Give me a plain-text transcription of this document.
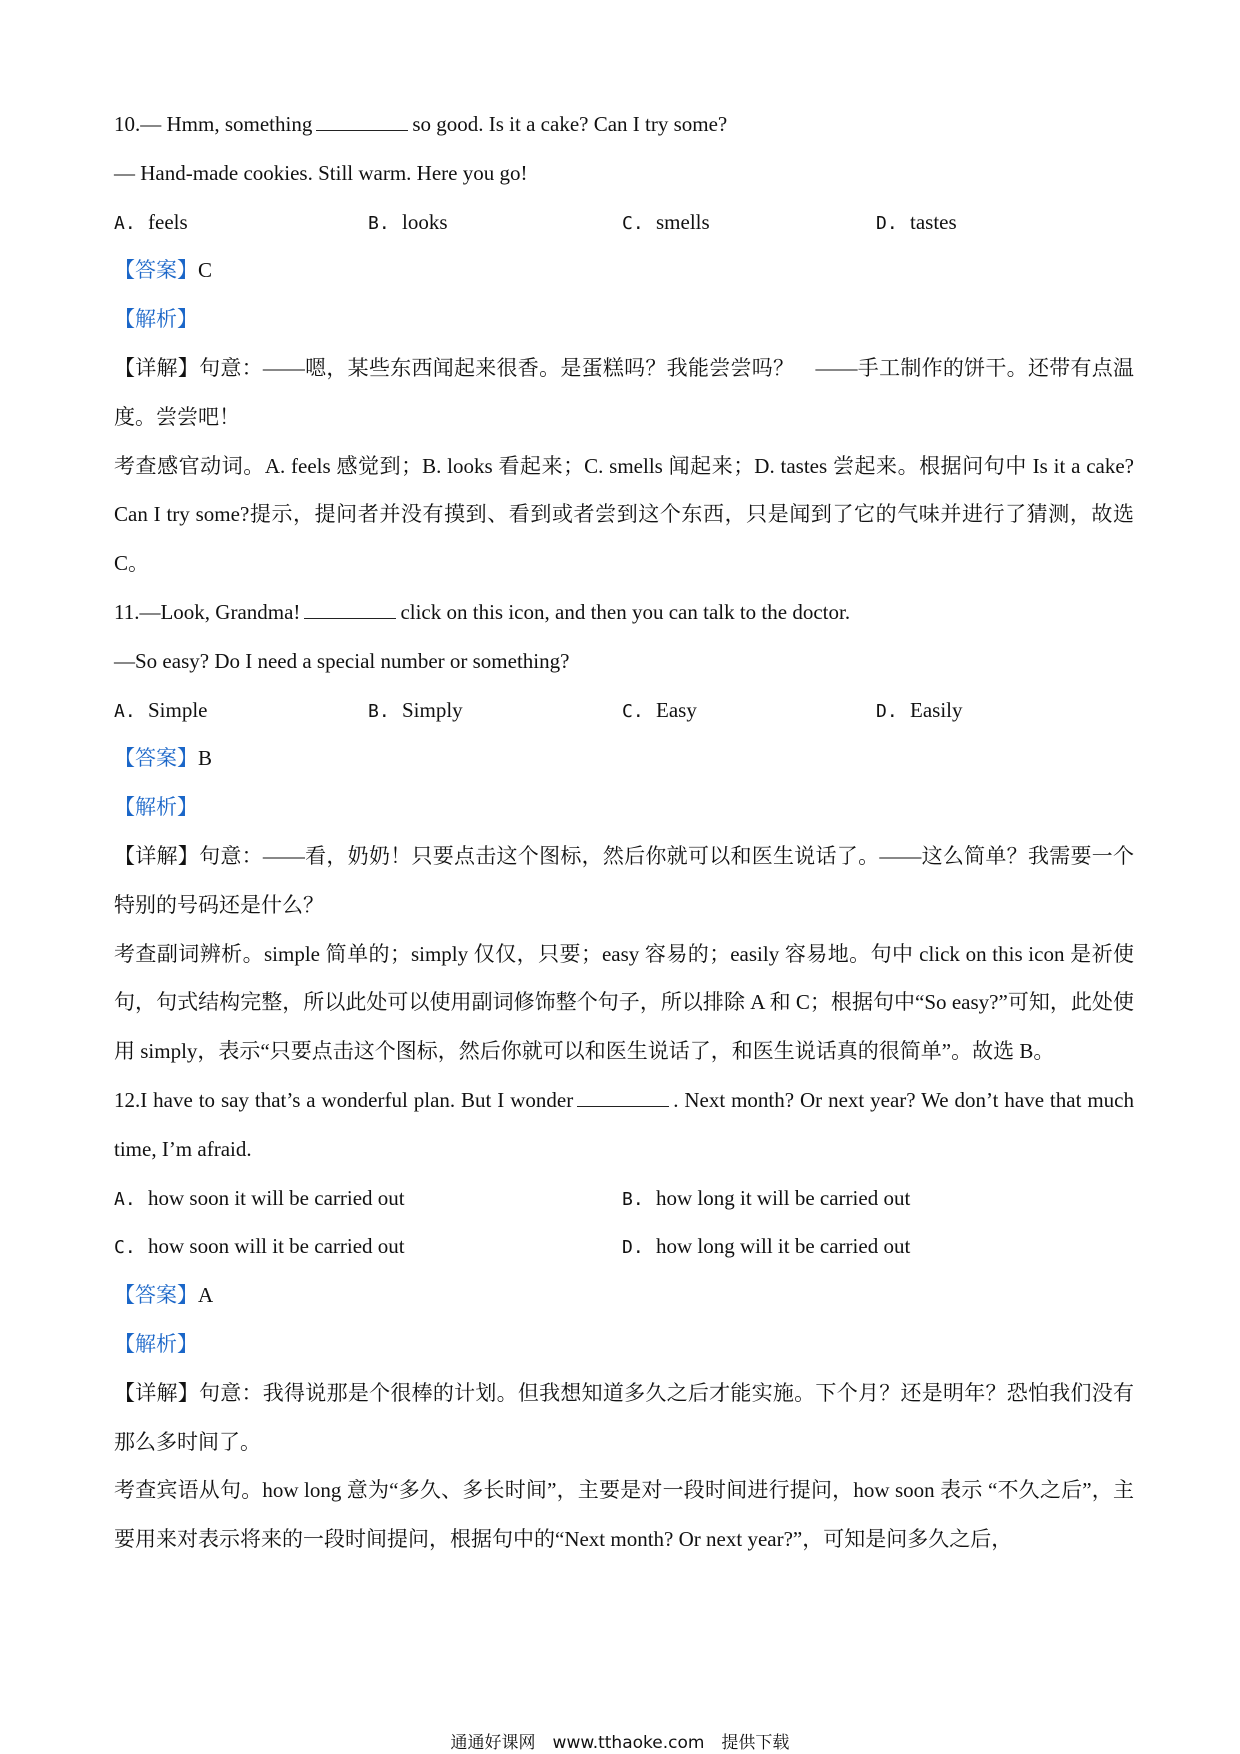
10.— Hmm, something	so good. Is it a cake? Can I try some?
— Hand-made cookies. Still warm. Here you go!
A. feels	B. looks	C. smells	D. tastes
【答案】C
【解析】
【详解】句意：——嗯，某些东西闻起来很香。是蛋糕吗？我能尝尝吗？　——手工制作的饼干。还带有点温度。尝尝吧！
考查感官动词。A. feels 感觉到；B. looks 看起来；C. smells 闻起来；D. tastes 尝起来。根据问句中 Is it a cake? Can I try some?提示，提问者并没有摸到、看到或者尝到这个东西，只是闻到了它的气味并进行了猜测，故选 C。
11.—Look, Grandma!	click on this icon, and then you can talk to the doctor.
—So easy? Do I need a special number or something?
A. Simple	B. Simply	C. Easy	D. Easily
【答案】B
【解析】
【详解】句意：——看，奶奶！只要点击这个图标，然后你就可以和医生说话了。——这么简单？我需要一个特别的号码还是什么？
考查副词辨析。simple 简单的；simply 仅仅，只要；easy 容易的；easily 容易地。句中 click on this icon 是祈使句，句式结构完整，所以此处可以使用副词修饰整个句子，所以排除 A 和 C；根据句中“So easy?”可知，此处使用 simply，表示“只要点击这个图标，然后你就可以和医生说话了，和医生说话真的很简单”。故选 B。
12.I have to say that’s a wonderful plan. But I wonder	. Next month? Or next year? We don’t have that much time, I’m afraid.
A. how soon it will be carried out	B. how long it will be carried out
C. how soon will it be carried out	D. how long will it be carried out
【答案】A
【解析】
【详解】句意：我得说那是个很棒的计划。但我想知道多久之后才能实施。下个月？还是明年？恐怕我们没有那么多时间了。
考查宾语从句。how long 意为“多久、多长时间”，主要是对一段时间进行提问，how soon 表示 “不久之后”，主要用来对表示将来的一段时间提问，根据句中的“Next month? Or next year?”，可知是问多久之后，
通通好课网　www.tthaoke.com　提供下载
